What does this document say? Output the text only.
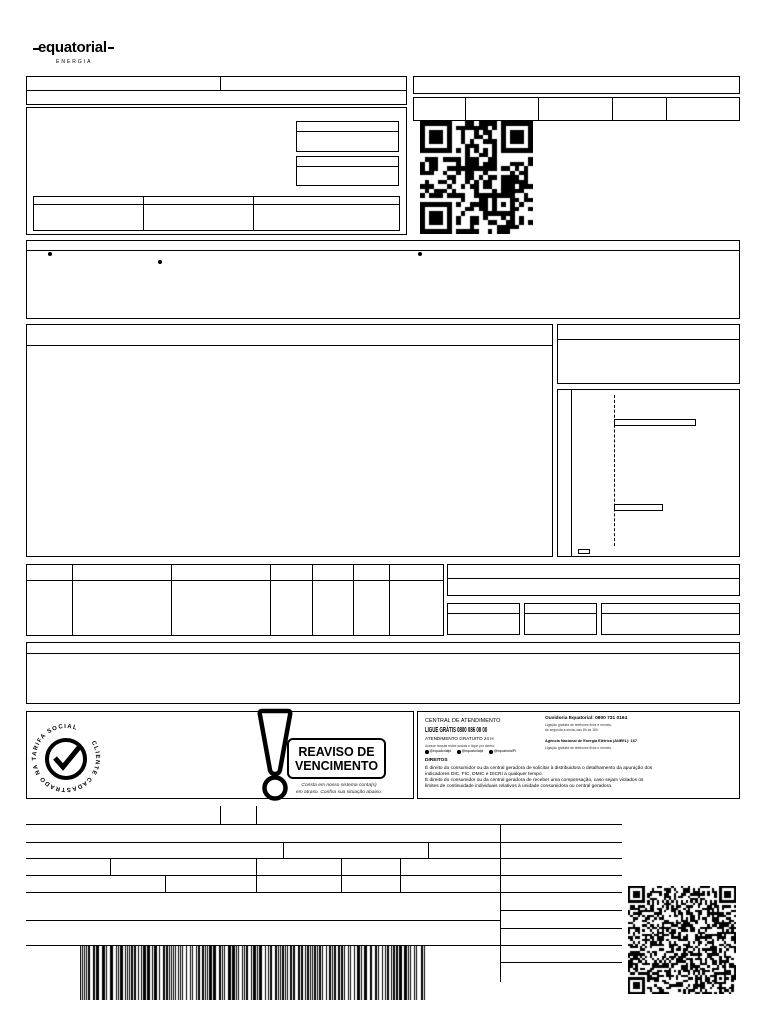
equatorial
ENERGIA
CLIENTE CADASTRADO NA TARIFA SOCIAL
REAVISO DE
VENCIMENTO
Consta em nosso sistema conta(s)
em atraso. Confira sua situação abaixo.
CENTRAL DE ATENDIMENTO
LIGUE GRÁTIS 0800 086 08 00
ATENDIMENTO GRATUITO 24 H
Acesse nossas redes sociais e fique por dentro:
@equatorialpi	@equatorialpi	@equatorialPI
DIREITOS
É direito do consumidor ou da central geradora de solicitar à distribuidora o detalhamento da apuração dos
indicadores DIC, FIC, DMIC e DICRI a qualquer tempo.
É direito do consumidor ou da central geradora de receber uma compensação, caso sejam violados os
limites de continuidade individuais relativos à unidade consumidora ou central geradora.
Ouvidoria Equatorial: 0800 731 0164
Ligação gratuita de telefones fixos e móveis,
de segunda a sexta, das 8h às 18h.
Agência Nacional de Energia Elétrica (ANEEL): 167
Ligação gratuita de telefones fixos e móveis.
